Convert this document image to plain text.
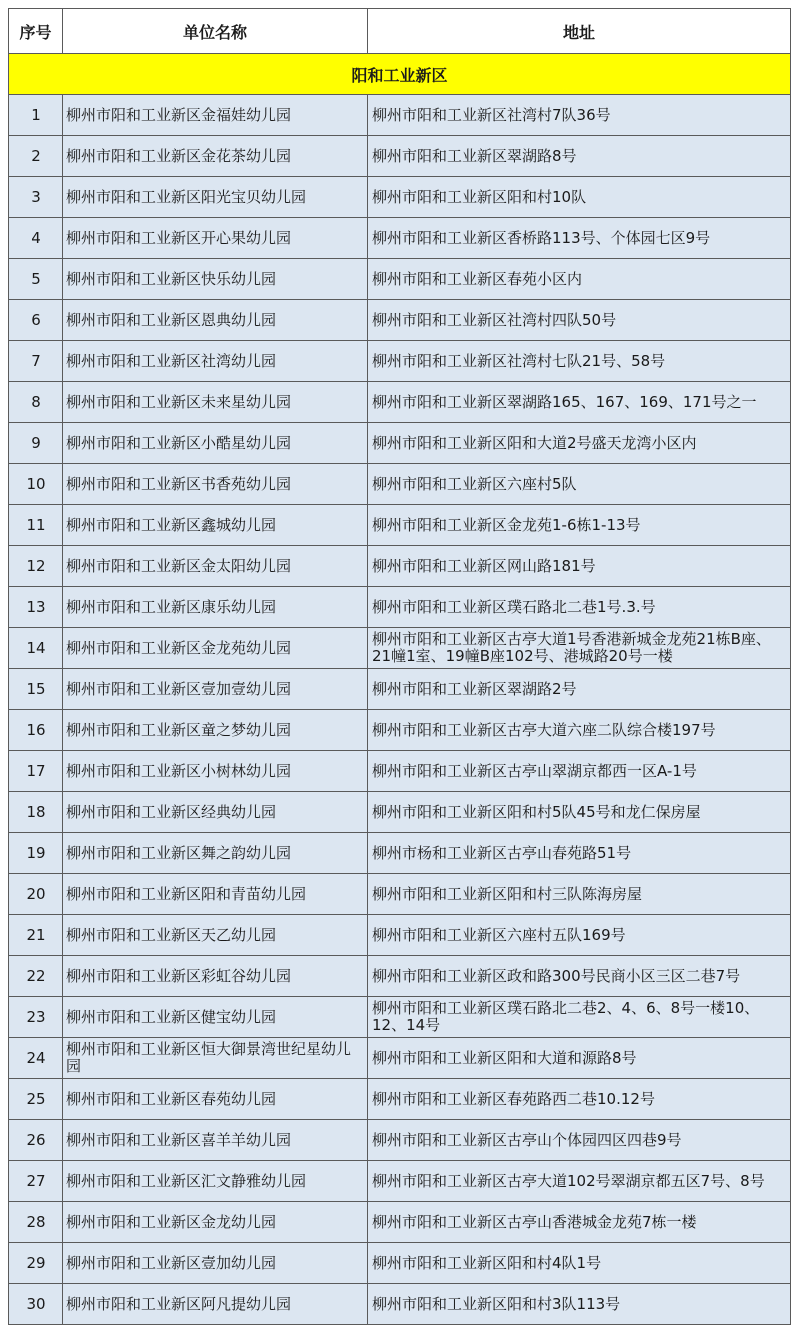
序号	单位名称	地址
阳和工业新区		
1	柳州市阳和工业新区金福娃幼儿园	柳州市阳和工业新区社湾村7队36号
2	柳州市阳和工业新区金花茶幼儿园	柳州市阳和工业新区翠湖路8号
3	柳州市阳和工业新区阳光宝贝幼儿园	柳州市阳和工业新区阳和村10队
4	柳州市阳和工业新区开心果幼儿园	柳州市阳和工业新区香桥路113号、个体园七区9号
5	柳州市阳和工业新区快乐幼儿园	柳州市阳和工业新区春苑小区内
6	柳州市阳和工业新区恩典幼儿园	柳州市阳和工业新区社湾村四队50号
7	柳州市阳和工业新区社湾幼儿园	柳州市阳和工业新区社湾村七队21号、58号
8	柳州市阳和工业新区未来星幼儿园	柳州市阳和工业新区翠湖路165、167、169、171号之一
9	柳州市阳和工业新区小酷星幼儿园	柳州市阳和工业新区阳和大道2号盛天龙湾小区内
10	柳州市阳和工业新区书香苑幼儿园	柳州市阳和工业新区六座村5队
11	柳州市阳和工业新区鑫城幼儿园	柳州市阳和工业新区金龙苑1-6栋1-13号
12	柳州市阳和工业新区金太阳幼儿园	柳州市阳和工业新区网山路181号
13	柳州市阳和工业新区康乐幼儿园	柳州市阳和工业新区璞石路北二巷1号.3.号
14	柳州市阳和工业新区金龙苑幼儿园	柳州市阳和工业新区古亭大道1号香港新城金龙苑21栋B座、21幢1室、19幢B座102号、港城路20号一楼
15	柳州市阳和工业新区壹加壹幼儿园	柳州市阳和工业新区翠湖路2号
16	柳州市阳和工业新区童之梦幼儿园	柳州市阳和工业新区古亭大道六座二队综合楼197号
17	柳州市阳和工业新区小树林幼儿园	柳州市阳和工业新区古亭山翠湖京都西一区A-1号
18	柳州市阳和工业新区经典幼儿园	柳州市阳和工业新区阳和村5队45号和龙仁保房屋
19	柳州市阳和工业新区舞之韵幼儿园	柳州市杨和工业新区古亭山春苑路51号
20	柳州市阳和工业新区阳和青苗幼儿园	柳州市阳和工业新区阳和村三队陈海房屋
21	柳州市阳和工业新区天乙幼儿园	柳州市阳和工业新区六座村五队169号
22	柳州市阳和工业新区彩虹谷幼儿园	柳州市阳和工业新区政和路300号民商小区三区二巷7号
23	柳州市阳和工业新区健宝幼儿园	柳州市阳和工业新区璞石路北二巷2、4、6、8号一楼10、12、14号
24	柳州市阳和工业新区恒大御景湾世纪星幼儿园	柳州市阳和工业新区阳和大道和源路8号
25	柳州市阳和工业新区春苑幼儿园	柳州市阳和工业新区春苑路西二巷10.12号
26	柳州市阳和工业新区喜羊羊幼儿园	柳州市阳和工业新区古亭山个体园四区四巷9号
27	柳州市阳和工业新区汇文静雅幼儿园	柳州市阳和工业新区古亭大道102号翠湖京都五区7号、8号
28	柳州市阳和工业新区金龙幼儿园	柳州市阳和工业新区古亭山香港城金龙苑7栋一楼
29	柳州市阳和工业新区壹加幼儿园	柳州市阳和工业新区阳和村4队1号
30	柳州市阳和工业新区阿凡提幼儿园	柳州市阳和工业新区阳和村3队113号
